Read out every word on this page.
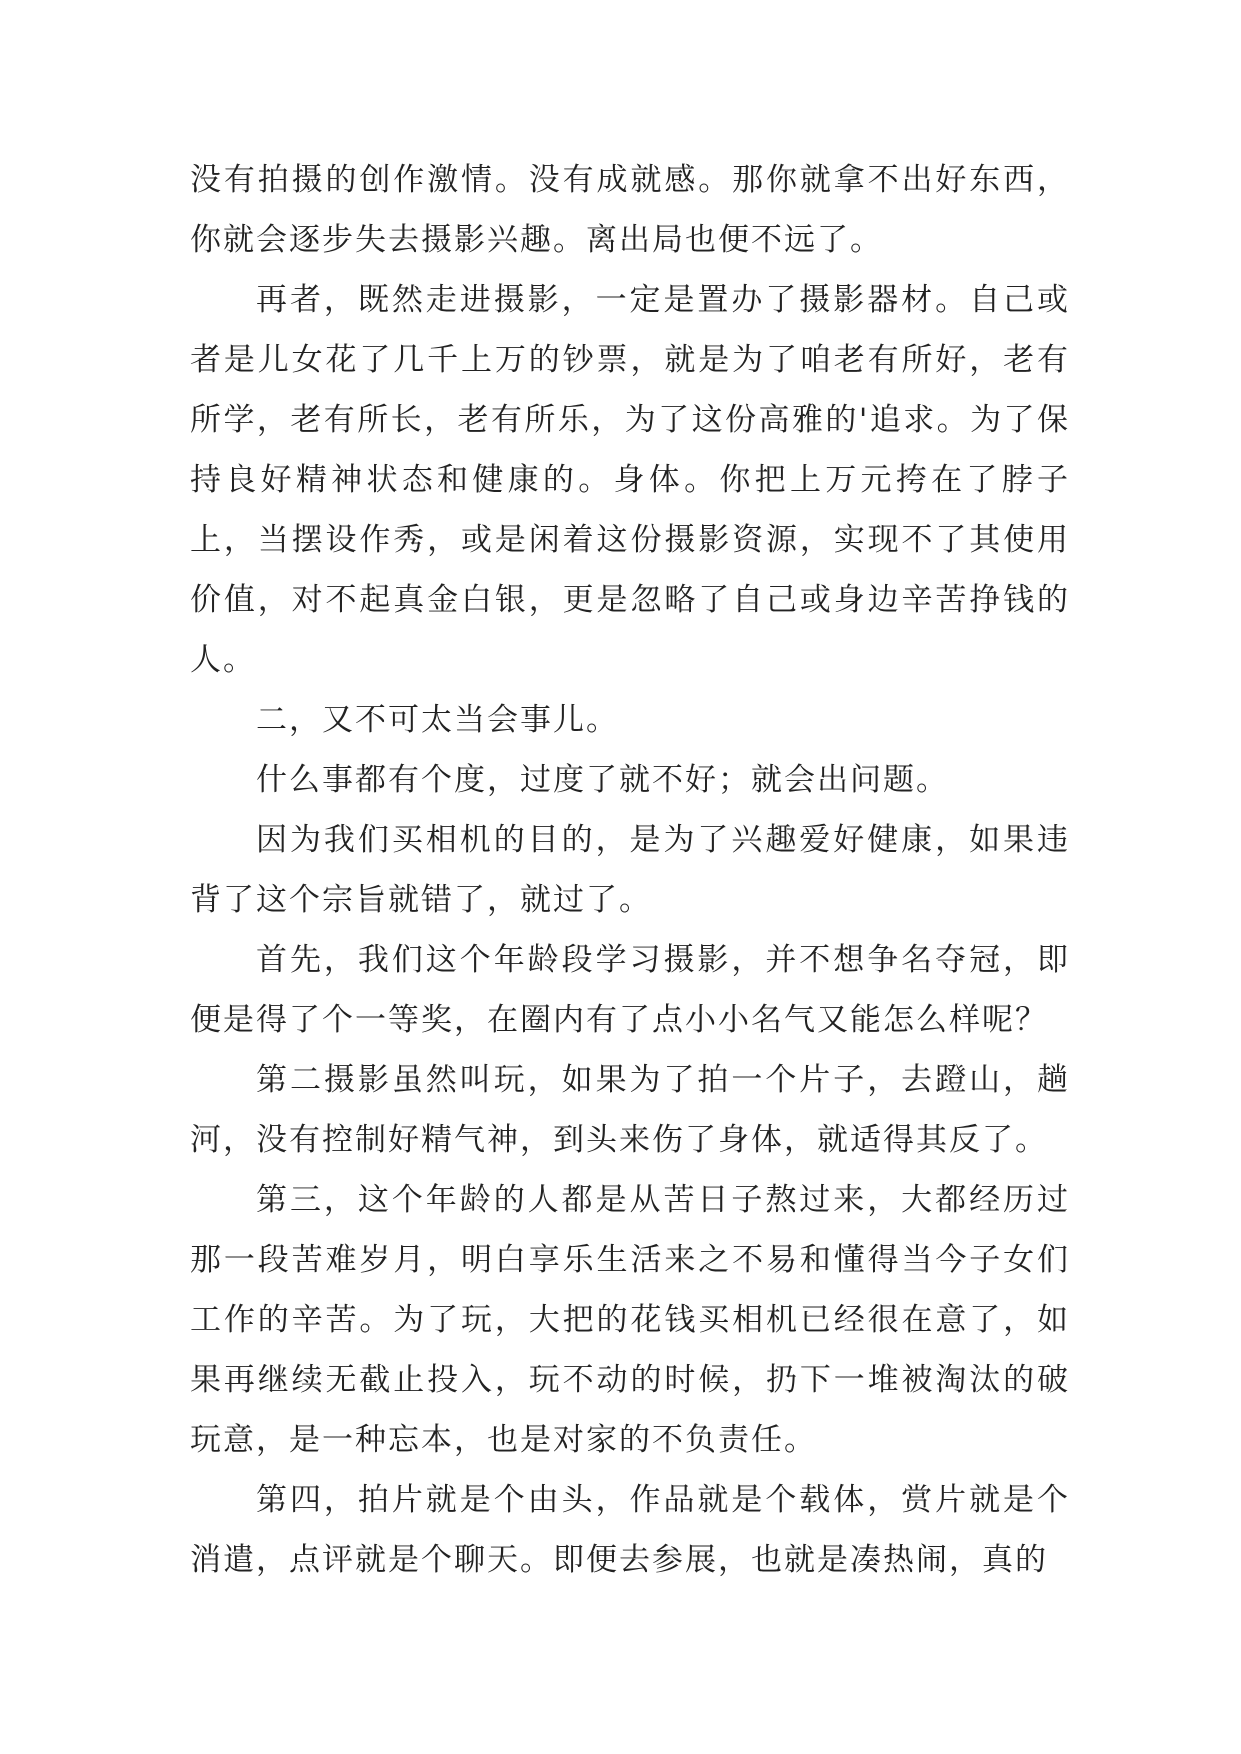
没有拍摄的创作激情。没有成就感。那你就拿不出好东西，你就会逐步失去摄影兴趣。离出局也便不远了。

再者，既然走进摄影，一定是置办了摄影器材。自己或者是儿女花了几千上万的钞票，就是为了咱老有所好，老有所学，老有所长，老有所乐，为了这份高雅的'追求。为了保持良好精神状态和健康的。身体。你把上万元挎在了脖子上，当摆设作秀，或是闲着这份摄影资源，实现不了其使用价值，对不起真金白银，更是忽略了自己或身边辛苦挣钱的人。

二，又不可太当会事儿。

什么事都有个度，过度了就不好；就会出问题。

因为我们买相机的目的，是为了兴趣爱好健康，如果违背了这个宗旨就错了，就过了。

首先，我们这个年龄段学习摄影，并不想争名夺冠，即便是得了个一等奖，在圈内有了点小小名气又能怎么样呢？

第二摄影虽然叫玩，如果为了拍一个片子，去蹬山，趟河，没有控制好精气神，到头来伤了身体，就适得其反了。

第三，这个年龄的人都是从苦日子熬过来，大都经历过那一段苦难岁月，明白享乐生活来之不易和懂得当今子女们工作的辛苦。为了玩，大把的花钱买相机已经很在意了，如果再继续无截止投入，玩不动的时候，扔下一堆被淘汰的破玩意，是一种忘本，也是对家的不负责任。

第四，拍片就是个由头，作品就是个载体，赏片就是个消遣，点评就是个聊天。即便去参展，也就是凑热闹，真的
